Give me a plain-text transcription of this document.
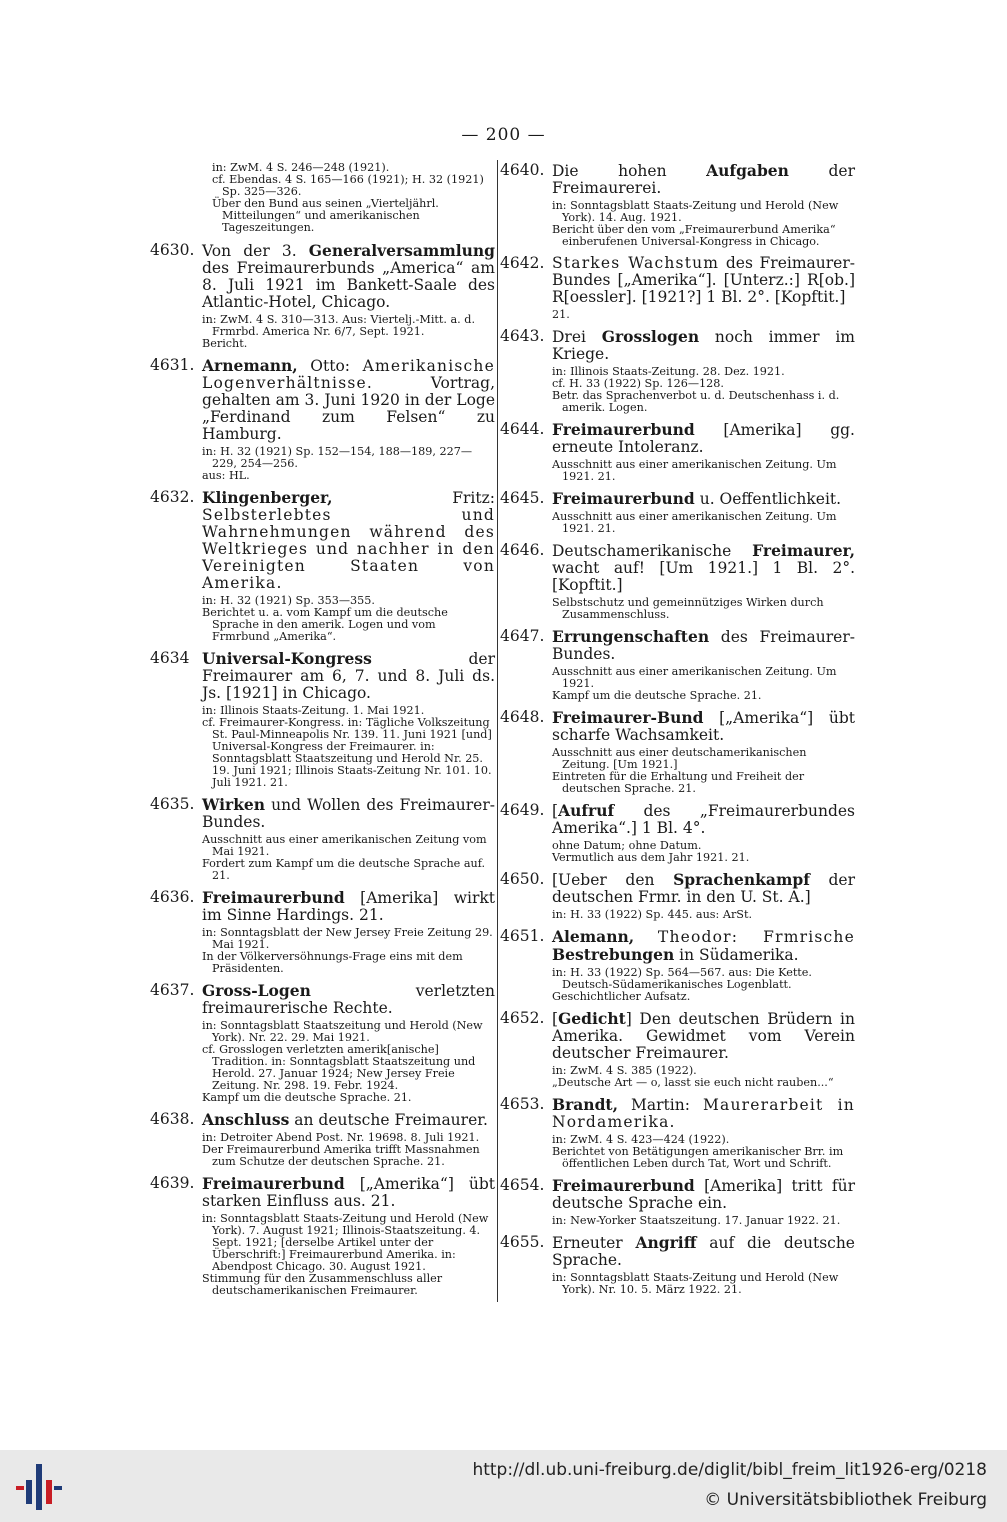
— 200 —
in: ZwM. 4 S. 246—248 (1921).
cf. Ebendas. 4 S. 165—166 (1921); H. 32 (1921) Sp. 325—326.
Über den Bund aus seinen „Vierteljährl. Mitteilungen“ und amerikanischen Tageszeitungen.
4630. Von der 3. Generalversammlung des Freimaurerbunds „America“ am 8. Juli 1921 im Bankett-Saale des Atlantic-Hotel, Chicago.
in: ZwM. 4 S. 310—313. Aus: Viertelj.-Mitt. a. d. Frmrbd. America Nr. 6/7, Sept. 1921.
Bericht.
4631. Arnemann, Otto: Amerikanische Logenverhältnisse. Vortrag, gehalten am 3. Juni 1920 in der Loge „Ferdinand zum Felsen“ zu Hamburg.
in: H. 32 (1921) Sp. 152—154, 188—189, 227—229, 254—256.
aus: HL.
4632. Klingenberger, Fritz: Selbsterlebtes und Wahrnehmungen während des Weltkrieges und nachher in den Vereinigten Staaten von Amerika.
in: H. 32 (1921) Sp. 353—355.
Berichtet u. a. vom Kampf um die deutsche Sprache in den amerik. Logen und vom Frmrbund „Amerika“.
4634 Universal-Kongress der Freimaurer am 6, 7. und 8. Juli ds. Js. [1921] in Chicago.
in: Illinois Staats-Zeitung. 1. Mai 1921.
cf. Freimaurer-Kongress. in: Tägliche Volkszeitung St. Paul-Minneapolis Nr. 139. 11. Juni 1921 [und] Universal-Kongress der Freimaurer. in: Sonntagsblatt Staatszeitung und Herold Nr. 25. 19. Juni 1921; Illinois Staats-Zeitung Nr. 101. 10. Juli 1921. 21.
4635. Wirken und Wollen des Freimaurer-Bundes.
Ausschnitt aus einer amerikanischen Zeitung vom Mai 1921.
Fordert zum Kampf um die deutsche Sprache auf. 21.
4636. Freimaurerbund [Amerika] wirkt im Sinne Hardings. 21.
in: Sonntagsblatt der New Jersey Freie Zeitung 29. Mai 1921.
In der Völkerversöhnungs-Frage eins mit dem Präsidenten.
4637. Gross-Logen verletzten freimaurerische Rechte.
in: Sonntagsblatt Staatszeitung und Herold (New York). Nr. 22. 29. Mai 1921.
cf. Grosslogen verletzten amerik[anische] Tradition. in: Sonntagsblatt Staatszeitung und Herold. 27. Januar 1924; New Jersey Freie Zeitung. Nr. 298. 19. Febr. 1924.
Kampf um die deutsche Sprache. 21.
4638. Anschluss an deutsche Freimaurer.
in: Detroiter Abend Post. Nr. 19698. 8. Juli 1921.
Der Freimaurerbund Amerika trifft Massnahmen zum Schutze der deutschen Sprache. 21.
4639. Freimaurerbund [„Amerika“] übt starken Einfluss aus. 21.
in: Sonntagsblatt Staats-Zeitung und Herold (New York). 7. August 1921; Illinois-Staatszeitung. 4. Sept. 1921; [derselbe Artikel unter der Überschrift:] Freimaurerbund Amerika. in: Abendpost Chicago. 30. August 1921.
Stimmung für den Zusammenschluss aller deutschamerikanischen Freimaurer.
4640. Die hohen Aufgaben der Freimaurerei.
in: Sonntagsblatt Staats-Zeitung und Herold (New York). 14. Aug. 1921.
Bericht über den vom „Freimaurerbund Amerika“ einberufenen Universal-Kongress in Chicago.
4642. Starkes Wachstum des Freimaurer-Bundes [„Amerika“]. [Unterz.:] R[ob.] R[oessler]. [1921?] 1 Bl. 2°. [Kopftit.]
21.
4643. Drei Grosslogen noch immer im Kriege.
in: Illinois Staats-Zeitung. 28. Dez. 1921.
cf. H. 33 (1922) Sp. 126—128.
Betr. das Sprachenverbot u. d. Deutschenhass i. d. amerik. Logen.
4644. Freimaurerbund [Amerika] gg. erneute Intoleranz.
Ausschnitt aus einer amerikanischen Zeitung. Um 1921. 21.
4645. Freimaurerbund u. Oeffentlichkeit.
Ausschnitt aus einer amerikanischen Zeitung. Um 1921. 21.
4646. Deutschamerikanische Freimaurer, wacht auf! [Um 1921.] 1 Bl. 2°. [Kopftit.]
Selbstschutz und gemeinnütziges Wirken durch Zusammenschluss.
4647. Errungenschaften des Freimaurer-Bundes.
Ausschnitt aus einer amerikanischen Zeitung. Um 1921.
Kampf um die deutsche Sprache. 21.
4648. Freimaurer-Bund [„Amerika“] übt scharfe Wachsamkeit.
Ausschnitt aus einer deutschamerikanischen Zeitung. [Um 1921.]
Eintreten für die Erhaltung und Freiheit der deutschen Sprache. 21.
4649. [Aufruf des „Freimaurerbundes Amerika“.] 1 Bl. 4°.
ohne Datum; ohne Datum.
Vermutlich aus dem Jahr 1921. 21.
4650. [Ueber den Sprachenkampf der deutschen Frmr. in den U. St. A.]
in: H. 33 (1922) Sp. 445. aus: ArSt.
4651. Alemann, Theodor: Frmrische Bestrebungen in Südamerika.
in: H. 33 (1922) Sp. 564—567. aus: Die Kette. Deutsch-Südamerikanisches Logenblatt.
Geschichtlicher Aufsatz.
4652. [Gedicht] Den deutschen Brüdern in Amerika. Gewidmet vom Verein deutscher Freimaurer.
in: ZwM. 4 S. 385 (1922).
„Deutsche Art — o, lasst sie euch nicht rauben...“
4653. Brandt, Martin: Maurerarbeit in Nordamerika.
in: ZwM. 4 S. 423—424 (1922).
Berichtet von Betätigungen amerikanischer Brr. im öffentlichen Leben durch Tat, Wort und Schrift.
4654. Freimaurerbund [Amerika] tritt für deutsche Sprache ein.
in: New-Yorker Staatszeitung. 17. Januar 1922. 21.
4655. Erneuter Angriff auf die deutsche Sprache.
in: Sonntagsblatt Staats-Zeitung und Herold (New York). Nr. 10. 5. März 1922. 21.
http://dl.ub.uni-freiburg.de/diglit/bibl_freim_lit1926-erg/0218
© Universitätsbibliothek Freiburg
